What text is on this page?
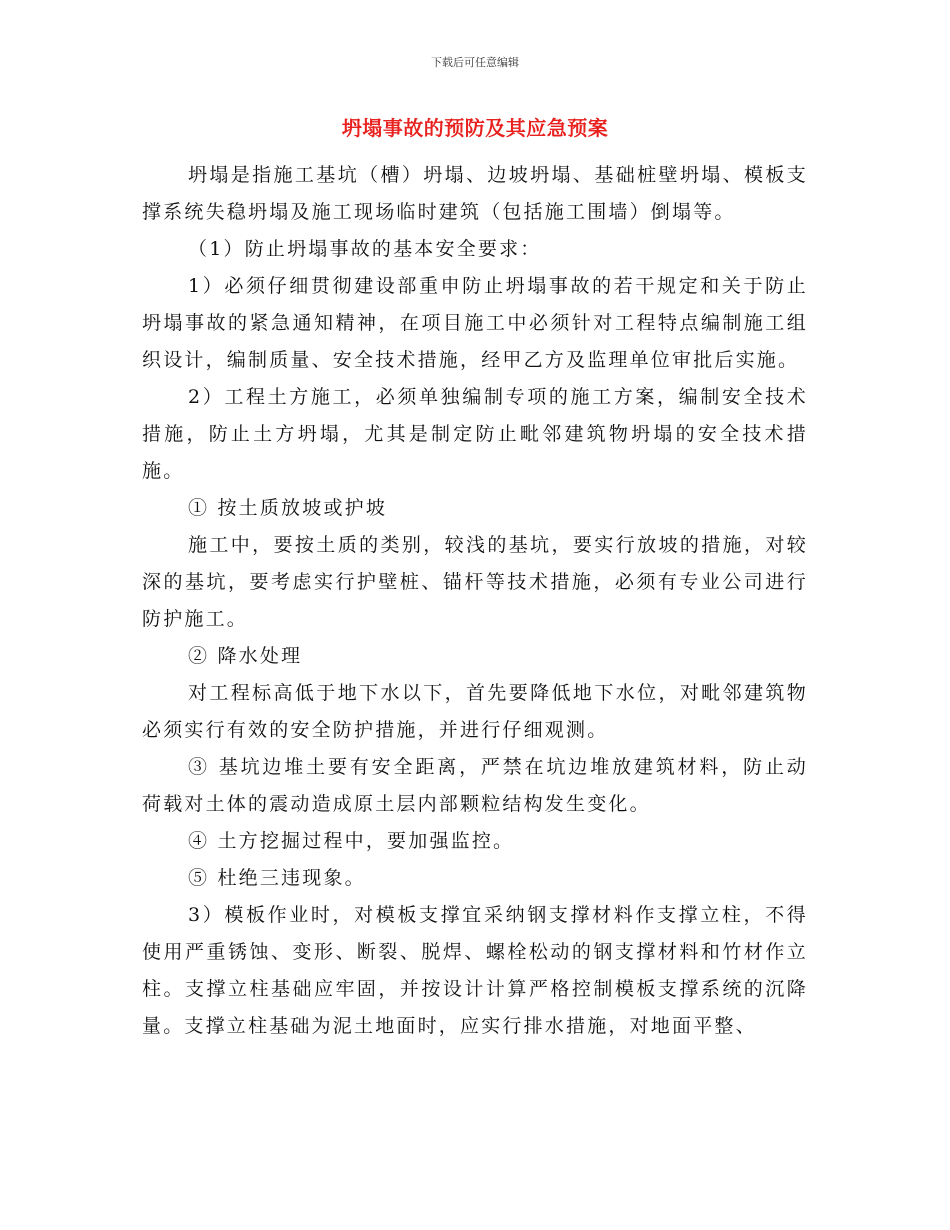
下载后可任意编辑
坍塌事故的预防及其应急预案

坍塌是指施工基坑（槽）坍塌、边坡坍塌、基础桩壁坍塌、模板支撑系统失稳坍塌及施工现场临时建筑（包括施工围墙）倒塌等。

（1）防止坍塌事故的基本安全要求：

1）必须仔细贯彻建设部重申防止坍塌事故的若干规定和关于防止坍塌事故的紧急通知精神，在项目施工中必须针对工程特点编制施工组织设计，编制质量、安全技术措施，经甲乙方及监理单位审批后实施。

2）工程土方施工，必须单独编制专项的施工方案，编制安全技术措施，防止土方坍塌，尤其是制定防止毗邻建筑物坍塌的安全技术措施。

① 按土质放坡或护坡

施工中，要按土质的类别，较浅的基坑，要实行放坡的措施，对较深的基坑，要考虑实行护壁桩、锚杆等技术措施，必须有专业公司进行防护施工。

② 降水处理

对工程标高低于地下水以下，首先要降低地下水位，对毗邻建筑物必须实行有效的安全防护措施，并进行仔细观测。

③ 基坑边堆土要有安全距离，严禁在坑边堆放建筑材料，防止动荷载对土体的震动造成原土层内部颗粒结构发生变化。

④ 土方挖掘过程中，要加强监控。

⑤ 杜绝三违现象。

3）模板作业时，对模板支撑宜采纳钢支撑材料作支撑立柱，不得使用严重锈蚀、变形、断裂、脱焊、螺栓松动的钢支撑材料和竹材作立柱。支撑立柱基础应牢固，并按设计计算严格控制模板支撑系统的沉降量。支撑立柱基础为泥土地面时，应实行排水措施，对地面平整、
